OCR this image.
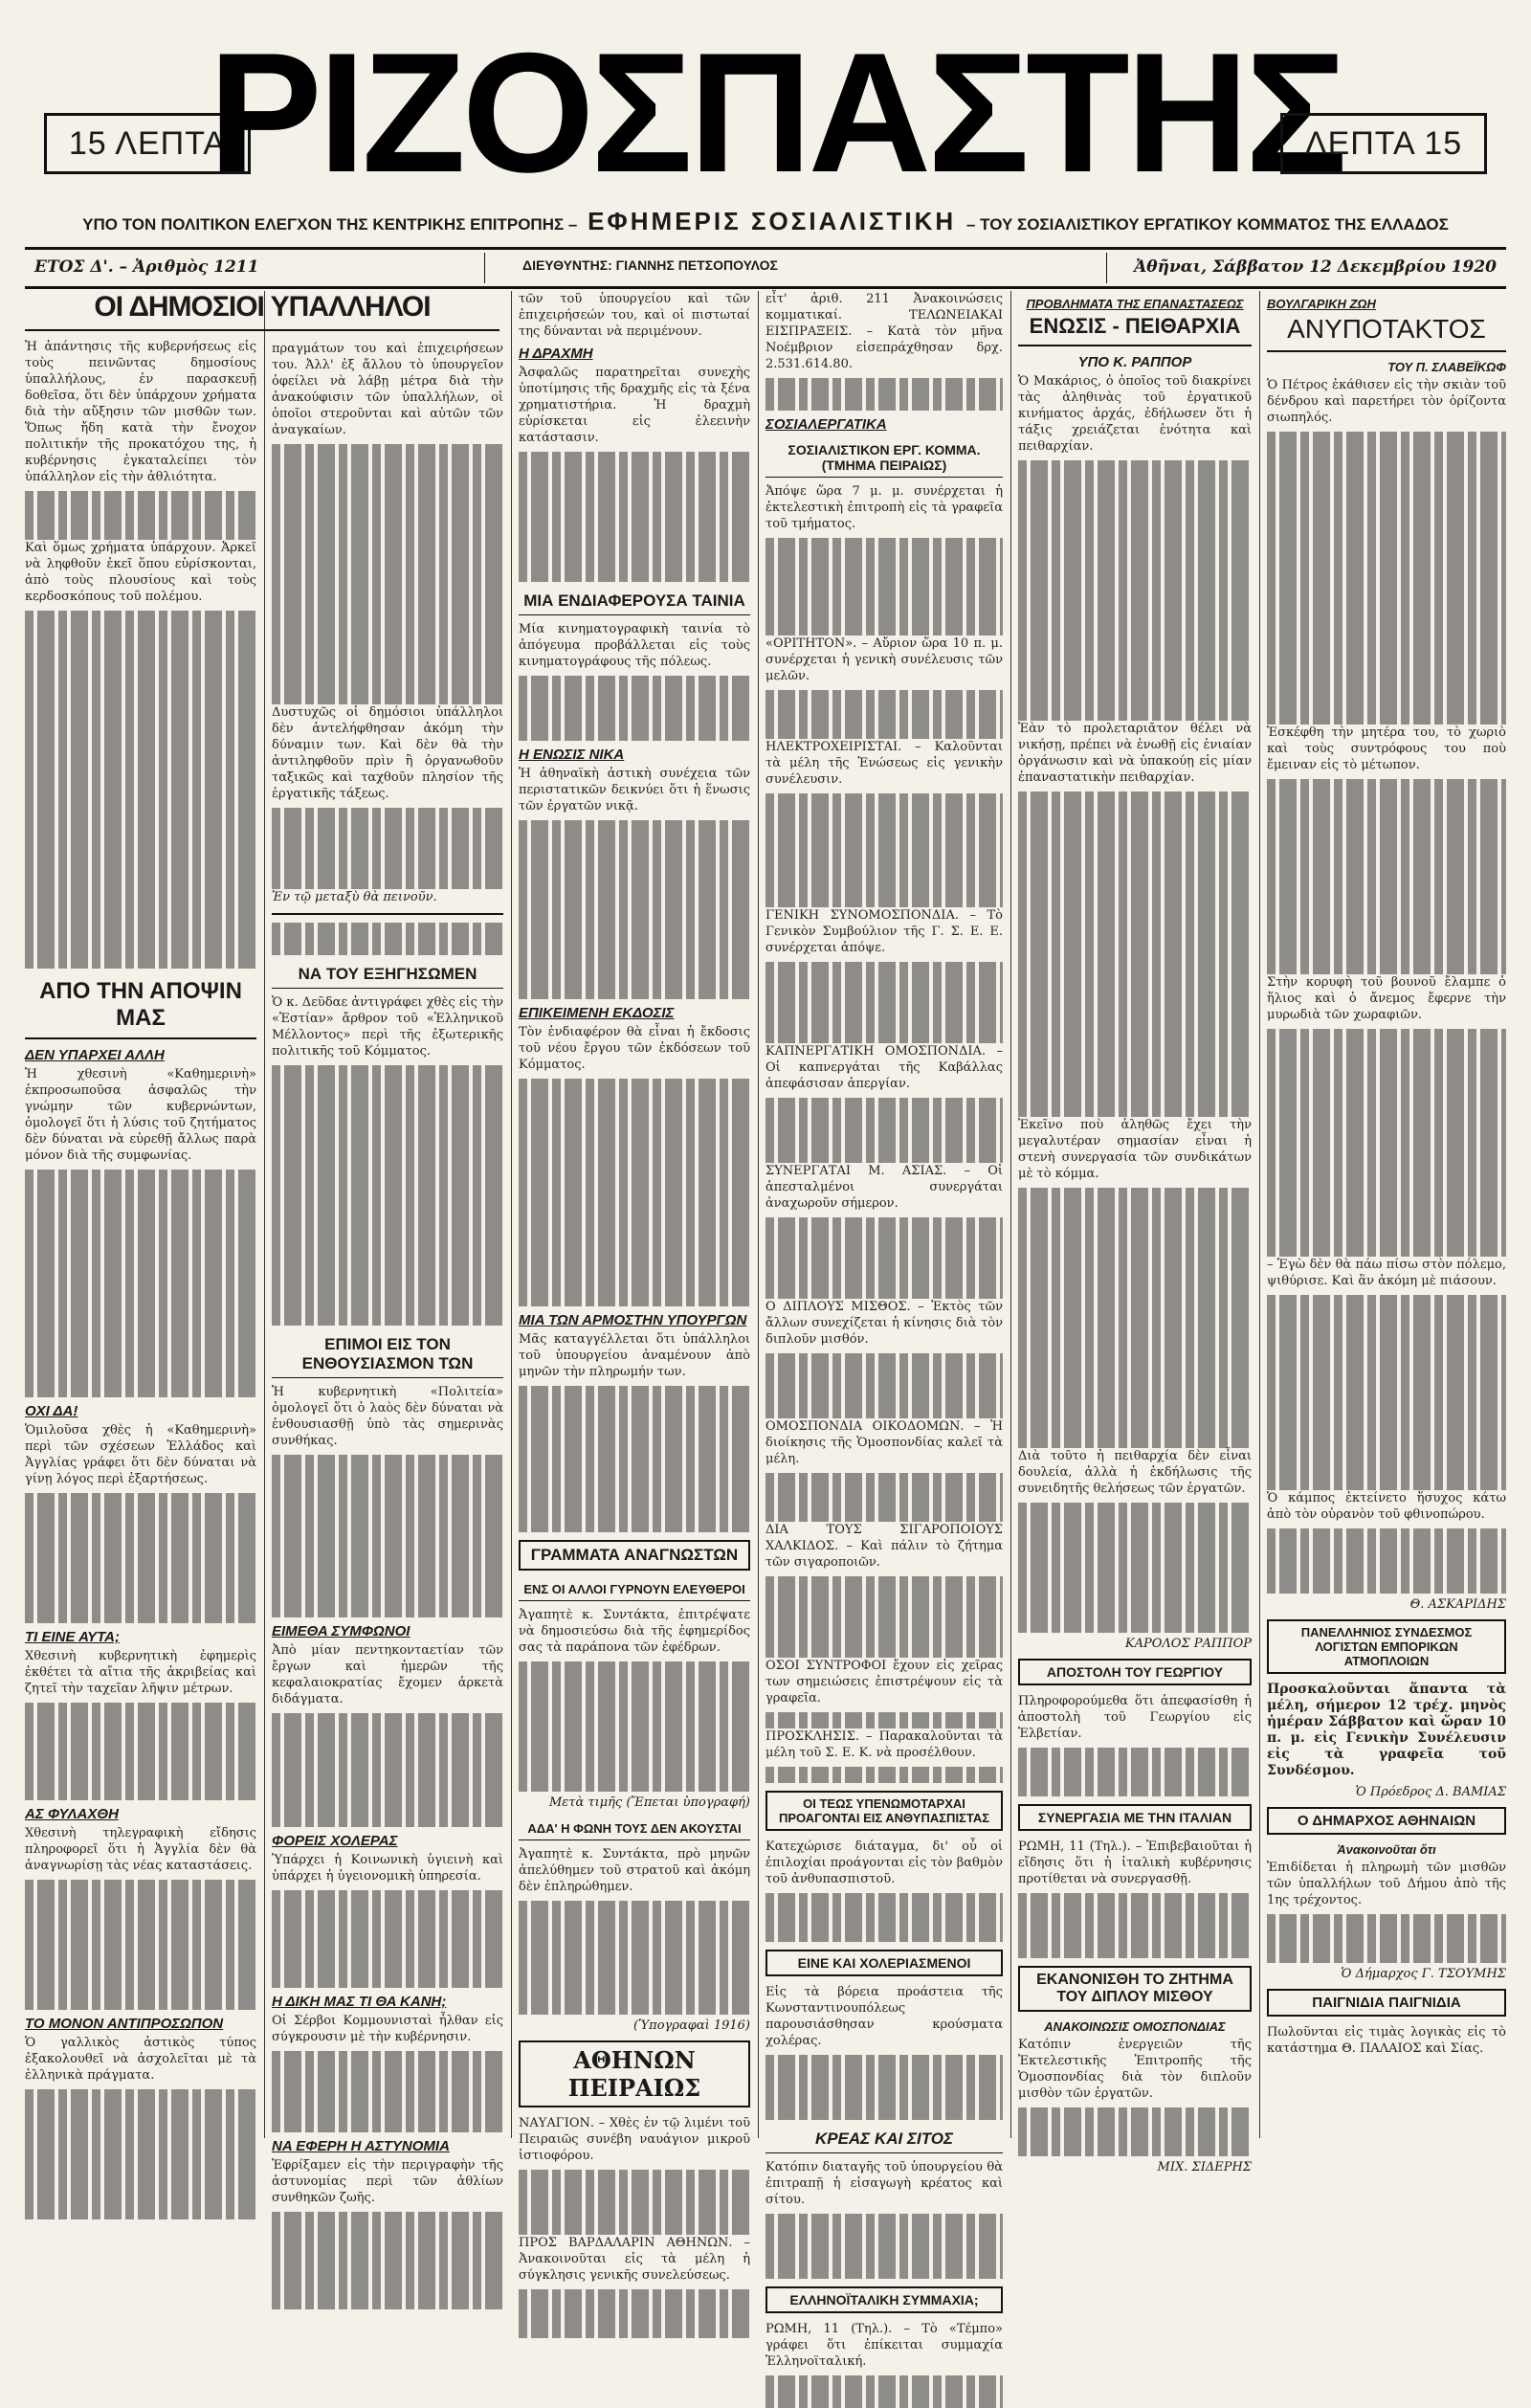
15 ΛΕΠΤΑ
ΡΙΖΟΣΠΑΣΤΗΣ
ΛΕΠΤΑ 15
ΥΠΟ ΤΟΝ ΠΟΛΙΤΙΚΟΝ ΕΛΕΓΧΟΝ ΤΗΣ ΚΕΝΤΡΙΚΗΣ ΕΠΙΤΡΟΠΗΣ – ΕΦΗΜΕΡΙΣ ΣΟΣΙΑΛΙΣΤΙΚΗ – ΤΟΥ ΣΟΣΙΑΛΙΣΤΙΚΟΥ ΕΡΓΑΤΙΚΟΥ ΚΟΜΜΑΤΟΣ ΤΗΣ ΕΛΛΑΔΟΣ
ΕΤΟΣ Δ'. – Ἀριθμὸς 1211	ΔΙΕΥΘΥΝΤΗΣ: ΓΙΑΝΝΗΣ ΠΕΤΣΟΠΟΥΛΟΣ	Ἀθῆναι, Σάββατον 12 Δεκεμβρίου 1920
ΟΙ ΔΗΜΟΣΙΟΙ ΥΠΑΛΛΗΛΟΙ

Ἡ ἀπάντησις τῆς κυβερνήσεως εἰς τοὺς πεινῶντας δημοσίους ὑπαλλήλους, ἐν παρασκευῇ δοθεῖσα, ὅτι δὲν ὑπάρχουν χρήματα διὰ τὴν αὔξησιν τῶν μισθῶν των. Ὅπως ἤδη κατὰ τὴν ἔνοχον πολιτικήν τῆς προκατόχου της, ἡ κυβέρνησις ἐγκαταλείπει τὸν ὑπάλληλον εἰς τὴν ἀθλιότητα.

Καὶ ὅμως χρήματα ὑπάρχουν. Ἀρκεῖ νὰ ληφθοῦν ἐκεῖ ὅπου εὑρίσκονται, ἀπὸ τοὺς πλουσίους καὶ τοὺς κερδοσκόπους τοῦ πολέμου.

ΑΠΟ ΤΗΝ ΑΠΟΨΙΝ ΜΑΣ
ΔΕΝ ΥΠΑΡΧΕΙ ΑΛΛΗ

Ἡ χθεσινὴ «Καθημερινὴ» ἐκπροσωποῦσα ἀσφαλῶς τὴν γνώμην τῶν κυβερνώντων, ὁμολογεῖ ὅτι ἡ λύσις τοῦ ζητήματος δὲν δύναται νὰ εὑρεθῇ ἄλλως παρὰ μόνον διὰ τῆς συμφωνίας.

ΟΧΙ ΔΑ!

Ὁμιλοῦσα χθὲς ἡ «Καθημερινὴ» περὶ τῶν σχέσεων Ἑλλάδος καὶ Ἀγγλίας γράφει ὅτι δὲν δύναται νὰ γίνῃ λόγος περὶ ἐξαρτήσεως.

ΤΙ ΕΙΝΕ ΑΥΤΑ;

Χθεσινὴ κυβερνητικὴ ἐφημερὶς ἐκθέτει τὰ αἴτια τῆς ἀκριβείας καὶ ζητεῖ τὴν ταχεῖαν λῆψιν μέτρων.

ΑΣ ΦΥΛΑΧΘΗ

Χθεσινὴ τηλεγραφικὴ εἴδησις πληροφορεῖ ὅτι ἡ Ἀγγλία δὲν θὰ ἀναγνωρίσῃ τὰς νέας καταστάσεις.

ΤΟ ΜΟΝΟΝ ΑΝΤΙΠΡΟΣΩΠΟΝ

Ὁ γαλλικὸς ἀστικὸς τύπος ἐξακολουθεῖ νὰ ἀσχολεῖται μὲ τὰ ἑλληνικὰ πράγματα.

πραγμάτων του καὶ ἐπιχειρήσεων του. Ἀλλ' ἐξ ἄλλου τὸ ὑπουργεῖον ὀφείλει νὰ λάβῃ μέτρα διὰ τὴν ἀνακούφισιν τῶν ὑπαλλήλων, οἱ ὁποῖοι στεροῦνται καὶ αὐτῶν τῶν ἀναγκαίων.

Δυστυχῶς οἱ δημόσιοι ὑπάλληλοι δὲν ἀντελήφθησαν ἀκόμη τὴν δύναμιν των. Καὶ δὲν θὰ τὴν ἀντιληφθοῦν πρὶν ἢ ὀργανωθοῦν ταξικῶς καὶ ταχθοῦν πλησίον τῆς ἐργατικῆς τάξεως.

Ἐν τῷ μεταξὺ θὰ πεινοῦν.

ΝΑ ΤΟΥ ΕΞΗΓΗΣΩΜΕΝ

Ὁ κ. Δεῦδαε ἀντιγράφει χθὲς εἰς τὴν «Ἑστίαν» ἄρθρον τοῦ «Ἐλληνικοῦ Μέλλοντος» περὶ τῆς ἐξωτερικῆς πολιτικῆς τοῦ Κόμματος.

ΕΠΙΜΟΙ ΕΙΣ ΤΟΝ ΕΝΘΟΥΣΙΑΣΜΟΝ ΤΩΝ

Ἡ κυβερνητικὴ «Πολιτεία» ὁμολογεῖ ὅτι ὁ λαὸς δὲν δύναται νὰ ἐνθουσιασθῇ ὑπὸ τὰς σημερινὰς συνθήκας.

ΕΙΜΕΘΑ ΣΥΜΦΩΝΟΙ

Ἀπὸ μίαν πεντηκονταετίαν τῶν ἔργων καὶ ἡμερῶν τῆς κεφαλαιοκρατίας ἔχομεν ἀρκετὰ διδάγματα.

ΦΟΡΕΙΣ ΧΟΛΕΡΑΣ

Ὑπάρχει ἡ Κοινωνικὴ ὑγιεινὴ καὶ ὑπάρχει ἡ ὑγειονομικὴ ὑπηρεσία.

Η ΔΙΚΗ ΜΑΣ ΤΙ ΘΑ ΚΑΝΗ;

Οἱ Σέρβοι Κομμουνισταὶ ἦλθαν εἰς σύγκρουσιν μὲ τὴν κυβέρνησιν.

ΝΑ ΕΦΕΡΗ Η ΑΣΤΥΝΟΜΙΑ

Ἐφρίξαμεν εἰς τὴν περιγραφὴν τῆς ἀστυνομίας περὶ τῶν ἀθλίων συνθηκῶν ζωῆς.

τῶν τοῦ ὑπουργείου καὶ τῶν ἐπιχειρήσεών του, καὶ οἱ πιστωταί της δύνανται νὰ περιμένουν.

Η ΔΡΑΧΜΗ

Ἀσφαλῶς παρατηρεῖται συνεχὴς ὑποτίμησις τῆς δραχμῆς εἰς τὰ ξένα χρηματιστήρια. Ἡ δραχμὴ εὑρίσκεται εἰς ἐλεεινὴν κατάστασιν.

ΜΙΑ ΕΝΔΙΑΦΕΡΟΥΣΑ ΤΑΙΝΙΑ

Μία κινηματογραφικὴ ταινία τὸ ἀπόγευμα προβάλλεται εἰς τοὺς κινηματογράφους τῆς πόλεως.

Η ΕΝΩΣΙΣ ΝΙΚΑ

Ἡ ἀθηναϊκὴ ἀστικὴ συνέχεια τῶν περιστατικῶν δεικνύει ὅτι ἡ ἕνωσις τῶν ἐργατῶν νικᾷ.

ΕΠΙΚΕΙΜΕΝΗ ΕΚΔΟΣΙΣ

Τὸν ἐνδιαφέρον θὰ εἶναι ἡ ἔκδοσις τοῦ νέου ἔργου τῶν ἐκδόσεων τοῦ Κόμματος.

ΜΙΑ ΤΩΝ ΑΡΜΟΣΤΗΝ ΥΠΟΥΡΓΩΝ

Μᾶς καταγγέλλεται ὅτι ὑπάλληλοι τοῦ ὑπουργείου ἀναμένουν ἀπὸ μηνῶν τὴν πληρωμήν των.

ΓΡΑΜΜΑΤΑ ΑΝΑΓΝΩΣΤΩΝ
ΕΝΣ ΟΙ ΑΛΛΟΙ ΓΥΡΝΟΥΝ ΕΛΕΥΘΕΡΟΙ

Ἀγαπητὲ κ. Συντάκτα, ἐπιτρέψατε νὰ δημοσιεύσω διὰ τῆς ἐφημερίδος σας τὰ παράπονα τῶν ἐφέδρων.

Μετὰ τιμῆς (Ἕπεται ὑπογραφή)
ΑΔΑ' Η ΦΩΝΗ ΤΟΥΣ ΔΕΝ ΑΚΟΥΣΤΑΙ

Ἀγαπητὲ κ. Συντάκτα, πρὸ μηνῶν ἀπελύθημεν τοῦ στρατοῦ καὶ ἀκόμη δὲν ἐπληρώθημεν.

(Ὑπογραφαὶ 1916)
ΑΘΗΝΩΝ ΠΕΙΡΑΙΩΣ

ΝΑΥΑΓΙΟΝ. – Χθὲς ἐν τῷ λιμένι τοῦ Πειραιῶς συνέβη ναυάγιον μικροῦ ἱστιοφόρου.

ΠΡΟΣ ΒΑΡΔΑΛΑΡΙΝ ΑΘΗΝΩΝ. – Ἀνακοινοῦται εἰς τὰ μέλη ἡ σύγκλησις γενικῆς συνελεύσεως.

εἶτ' ἀριθ. 211 Ἀνακοινώσεις κομματικαί. ΤΕΛΩΝΕΙΑΚΑΙ ΕΙΣΠΡΑΞΕΙΣ. – Κατὰ τὸν μῆνα Νοέμβριον εἰσεπράχθησαν δρχ. 2.531.614.80.

ΣΟΣΙΑΛΕΡΓΑΤΙΚΑ
ΣΟΣΙΑΛΙΣΤΙΚΟΝ ΕΡΓ. ΚΟΜΜΑ. (ΤΜΗΜΑ ΠΕΙΡΑΙΩΣ)

Ἀπόψε ὥρα 7 μ. μ. συνέρχεται ἡ ἐκτελεστικὴ ἐπιτροπὴ εἰς τὰ γραφεῖα τοῦ τμήματος.

«ΟΡΙΤΗΤΟΝ». – Αὔριον ὥρα 10 π. μ. συνέρχεται ἡ γενικὴ συνέλευσις τῶν μελῶν.

ΗΛΕΚΤΡΟΧΕΙΡΙΣΤΑΙ. – Καλοῦνται τὰ μέλη τῆς Ἑνώσεως εἰς γενικὴν συνέλευσιν.

ΓΕΝΙΚΗ ΣΥΝΟΜΟΣΠΟΝΔΙΑ. – Τὸ Γενικὸν Συμβούλιον τῆς Γ. Σ. Ε. Ε. συνέρχεται ἀπόψε.

ΚΑΠΝΕΡΓΑΤΙΚΗ ΟΜΟΣΠΟΝΔΙΑ. – Οἱ καπνεργάται τῆς Καβάλλας ἀπεφάσισαν ἀπεργίαν.

ΣΥΝΕΡΓΑΤΑΙ Μ. ΑΣΙΑΣ. – Οἱ ἀπεσταλμένοι συνεργάται ἀναχωροῦν σήμερον.

Ο ΔΙΠΛΟΥΣ ΜΙΣΘΟΣ. – Ἐκτὸς τῶν ἄλλων συνεχίζεται ἡ κίνησις διὰ τὸν διπλοῦν μισθόν.

ΟΜΟΣΠΟΝΔΙΑ ΟΙΚΟΔΟΜΩΝ. – Ἡ διοίκησις τῆς Ὁμοσπονδίας καλεῖ τὰ μέλη.

ΔΙΑ ΤΟΥΣ ΣΙΓΑΡΟΠΟΙΟΥΣ ΧΑΛΚΙΔΟΣ. – Καὶ πάλιν τὸ ζήτημα τῶν σιγαροποιῶν.

ΟΣΟΙ ΣΥΝΤΡΟΦΟΙ ἔχουν εἰς χεῖρας των σημειώσεις ἐπιστρέψουν εἰς τὰ γραφεῖα.

ΠΡΟΣΚΛΗΣΙΣ. – Παρακαλοῦνται τὰ μέλη τοῦ Σ. Ε. Κ. νὰ προσέλθουν.

ΟΙ ΤΕΩΣ ΥΠΕΝΩΜΟΤΑΡΧΑΙ ΠΡΟΑΓΟΝΤΑΙ ΕΙΣ ΑΝΘΥΠΑΣΠΙΣΤΑΣ

Κατεχώρισε διάταγμα, δι' οὗ οἱ ἐπιλοχίαι προάγονται εἰς τὸν βαθμὸν τοῦ ἀνθυπασπιστοῦ.

ΕΙΝΕ ΚΑΙ ΧΟΛΕΡΙΑΣΜΕΝΟΙ

Εἰς τὰ βόρεια προάστεια τῆς Κωνσταντινουπόλεως παρουσιάσθησαν κρούσματα χολέρας.

ΚΡΕΑΣ ΚΑΙ ΣΙΤΟΣ

Κατόπιν διαταγῆς τοῦ ὑπουργείου θὰ ἐπιτραπῇ ἡ εἰσαγωγὴ κρέατος καὶ σίτου.

ΕΛΛΗΝΟΪΤΑΛΙΚΗ ΣΥΜΜΑΧΙΑ;

ΡΩΜΗ, 11 (Τηλ.). – Τὸ «Τέμπο» γράφει ὅτι ἐπίκειται συμμαχία Ἑλληνοϊταλική.

ΠΡΟΒΛΗΜΑΤΑ ΤΗΣ ΕΠΑΝΑΣΤΑΣΕΩΣ
ΕΝΩΣΙΣ - ΠΕΙΘΑΡΧΙΑ
ΥΠΟ Κ. ΡΑΠΠΟΡ

Ὁ Μακάριος, ὁ ὁποῖος τοῦ διακρίνει τὰς ἀληθινὰς τοῦ ἐργατικοῦ κινήματος ἀρχάς, ἐδήλωσεν ὅτι ἡ τάξις χρειάζεται ἑνότητα καὶ πειθαρχίαν.

Ἐὰν τὸ προλεταριᾶτον θέλει νὰ νικήσῃ, πρέπει νὰ ἑνωθῇ εἰς ἑνιαίαν ὀργάνωσιν καὶ νὰ ὑπακούῃ εἰς μίαν ἐπαναστατικὴν πειθαρχίαν.

Ἐκεῖνο ποὺ ἀληθῶς ἔχει τὴν μεγαλυτέραν σημασίαν εἶναι ἡ στενὴ συνεργασία τῶν συνδικάτων μὲ τὸ κόμμα.

Διὰ τοῦτο ἡ πειθαρχία δὲν εἶναι δουλεία, ἀλλὰ ἡ ἐκδήλωσις τῆς συνειδητῆς θελήσεως τῶν ἐργατῶν.

ΚΑΡΟΛΟΣ ΡΑΠΠΟΡ
ΑΠΟΣΤΟΛΗ ΤΟΥ ΓΕΩΡΓΙΟΥ

Πληροφορούμεθα ὅτι ἀπεφασίσθη ἡ ἀποστολὴ τοῦ Γεωργίου εἰς Ἑλβετίαν.

ΣΥΝΕΡΓΑΣΙΑ ΜΕ ΤΗΝ ΙΤΑΛΙΑΝ

ΡΩΜΗ, 11 (Τηλ.). – Ἐπιβεβαιοῦται ἡ εἴδησις ὅτι ἡ ἰταλικὴ κυβέρνησις προτίθεται νὰ συνεργασθῇ.

ΕΚΑΝΟΝΙΣΘΗ ΤΟ ΖΗΤΗΜΑ ΤΟΥ ΔΙΠΛΟΥ ΜΙΣΘΟΥ
ΑΝΑΚΟΙΝΩΣΙΣ ΟΜΟΣΠΟΝΔΙΑΣ

Κατόπιν ἐνεργειῶν τῆς Ἐκτελεστικῆς Ἐπιτροπῆς τῆς Ὁμοσπονδίας διὰ τὸν διπλοῦν μισθὸν τῶν ἐργατῶν.

ΜΙΧ. ΣΙΔΕΡΗΣ
ΒΟΥΛΓΑΡΙΚΗ ΖΩΗ
ΑΝΥΠΟΤΑΚΤΟΣ
ΤΟΥ Π. ΣΛΑΒΕΪΚΩΦ

Ὁ Πέτρος ἐκάθισεν εἰς τὴν σκιὰν τοῦ δένδρου καὶ παρετήρει τὸν ὁρίζοντα σιωπηλός.

Ἐσκέφθη τὴν μητέρα του, τὸ χωριὸ καὶ τοὺς συντρόφους του ποὺ ἔμειναν εἰς τὸ μέτωπον.

Στὴν κορυφὴ τοῦ βουνοῦ ἔλαμπε ὁ ἥλιος καὶ ὁ ἄνεμος ἔφερνε τὴν μυρωδιὰ τῶν χωραφιῶν.

– Ἐγὼ δὲν θὰ πάω πίσω στὸν πόλεμο, ψιθύρισε. Καὶ ἂν ἀκόμη μὲ πιάσουν.

Ὁ κάμπος ἐκτείνετο ἥσυχος κάτω ἀπὸ τὸν οὐρανὸν τοῦ φθινοπώρου.

Θ. ΑΣΚΑΡΙΔΗΣ
ΠΑΝΕΛΛΗΝΙΟΣ ΣΥΝΔΕΣΜΟΣ ΛΟΓΙΣΤΩΝ ΕΜΠΟΡΙΚΩΝ ΑΤΜΟΠΛΟΙΩΝ

Προσκαλοῦνται ἅπαντα τὰ μέλη, σήμερον 12 τρέχ. μηνὸς ἡμέραν Σάββατον καὶ ὥραν 10 π. μ. εἰς Γενικὴν Συνέλευσιν εἰς τὰ γραφεῖα τοῦ Συνδέσμου.

Ὁ Πρόεδρος Δ. ΒΑΜΙΑΣ
Ο ΔΗΜΑΡΧΟΣ ΑΘΗΝΑΙΩΝ
Ἀνακοινοῦται ὅτι

Ἐπιδίδεται ἡ πληρωμὴ τῶν μισθῶν τῶν ὑπαλλήλων τοῦ Δήμου ἀπὸ τῆς 1ης τρέχοντος.

Ὁ Δήμαρχος Γ. ΤΣΟΥΜΗΣ
ΠΑΙΓΝΙΔΙΑ ΠΑΙΓΝΙΔΙΑ

Πωλοῦνται εἰς τιμὰς λογικὰς εἰς τὸ κατάστημα Θ. ΠΑΛΑΙΟΣ καὶ Σίας.
